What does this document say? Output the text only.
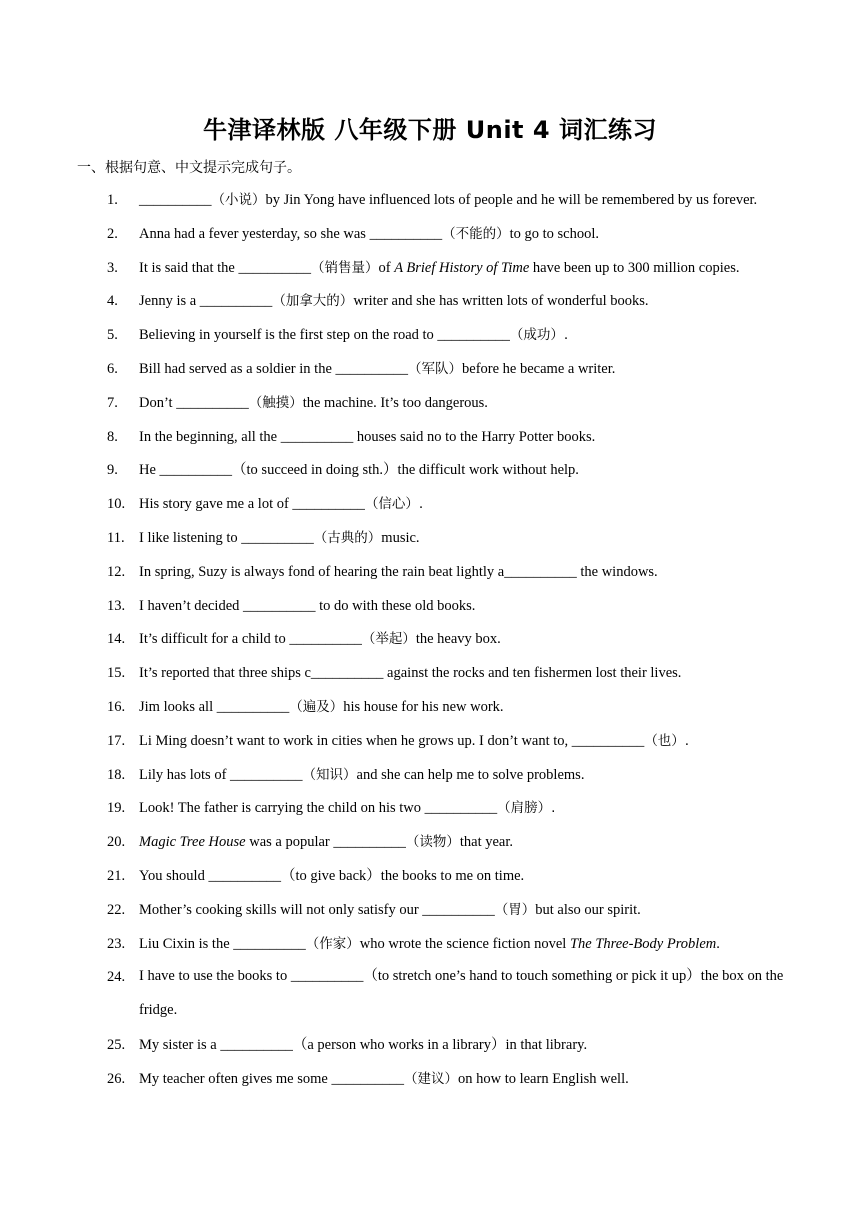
牛津译林版 八年级下册 Unit 4 词汇练习
一、根据句意、中文提示完成句子。
1.	__________（小说）by Jin Yong have influenced lots of people and he will be remembered by us forever.
2.	Anna had a fever yesterday, so she was __________（不能的）to go to school.
3.	It is said that the __________（销售量）of A Brief History of Time have been up to 300 million copies.
4.	Jenny is a __________（加拿大的）writer and she has written lots of wonderful books.
5.	Believing in yourself is the first step on the road to __________（成功）.
6.	Bill had served as a soldier in the __________（军队）before he became a writer.
7.	Don’t __________（触摸）the machine. It’s too dangerous.
8.	In the beginning, all the __________ houses said no to the Harry Potter books.
9.	He __________（to succeed in doing sth.）the difficult work without help.
10. His story gave me a lot of __________（信心）.
11. I like listening to __________（古典的）music.
12. In spring, Suzy is always fond of hearing the rain beat lightly a__________ the windows.
13. I haven’t decided __________ to do with these old books.
14. It’s difficult for a child to __________（举起）the heavy box.
15. It’s reported that three ships c__________ against the rocks and ten fishermen lost their lives.
16. Jim looks all __________（遍及）his house for his new work.
17. Li Ming doesn’t want to work in cities when he grows up. I don’t want to, __________（也）.
18. Lily has lots of __________（知识）and she can help me to solve problems.
19. Look! The father is carrying the child on his two __________（肩膀）.
20. Magic Tree House was a popular __________（读物）that year.
21. You should __________（to give back）the books to me on time.
22. Mother’s cooking skills will not only satisfy our __________（胃）but also our spirit.
23. Liu Cixin is the __________（作家）who wrote the science fiction novel The Three-Body Problem.
24. I have to use the books to __________（to stretch one’s hand to touch something or pick it up）the box on the fridge.
25. My sister is a __________（a person who works in a library）in that library.
26. My teacher often gives me some __________（建议）on how to learn English well.
